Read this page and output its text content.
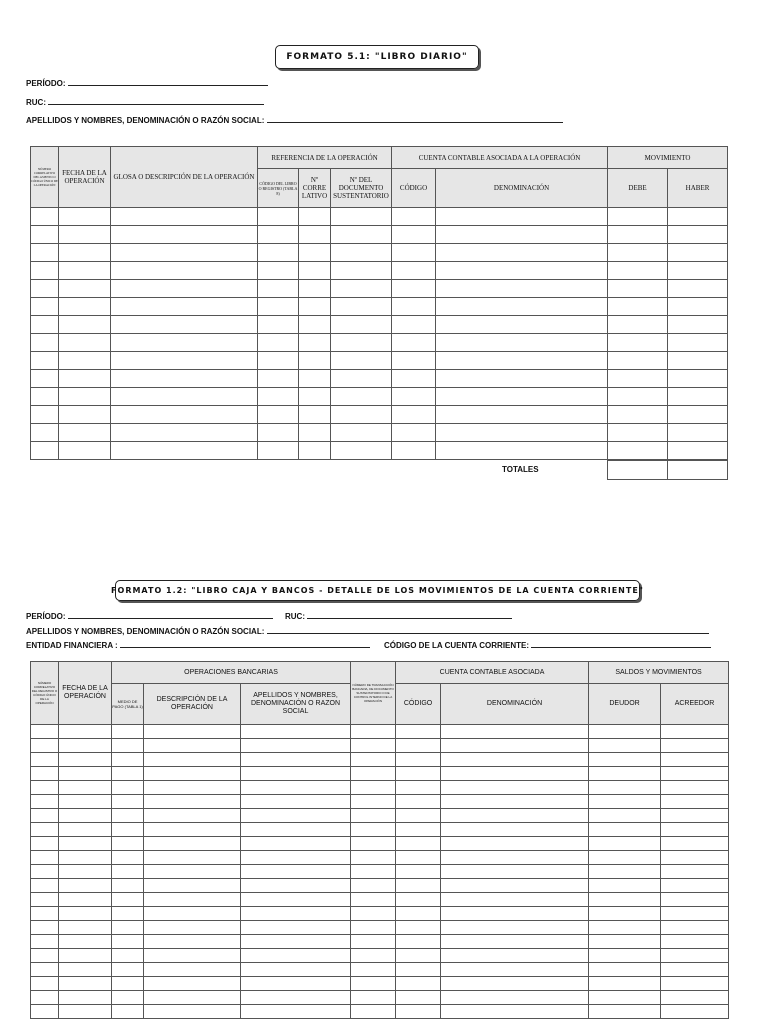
FORMATO 5.1: "LIBRO DIARIO"
PERÍODO:
RUC:
APELLIDOS Y NOMBRES, DENOMINACIÓN O RAZÓN SOCIAL:
NÚMERO CORRELATIVO DEL ASIENTO O CÓDIGO ÚNICO DE LA OPERACIÓN	FECHA DE LA OPERACIÓN	GLOSA O DESCRIPCIÓN DE LA OPERACIÓN	REFERENCIA DE LA OPERACIÓN			CUENTA CONTABLE ASOCIADA A LA OPERACIÓN		MOVIMIENTO	
			CÓDIGO DEL LIBRO O REGISTRO (TABLA 8)	Nº CORRE LATIVO	Nº DEL DOCUMENTO SUSTENTATORIO	CÓDIGO	DENOMINACIÓN	DEBE	HABER

TOTALES

FORMATO 1.2: "LIBRO CAJA Y BANCOS - DETALLE DE LOS MOVIMIENTOS DE LA CUENTA CORRIENTE"
PERÍODO:	RUC:
APELLIDOS Y NOMBRES, DENOMINACIÓN O RAZÓN SOCIAL:
ENTIDAD FINANCIERA :	CÓDIGO DE LA CUENTA CORRIENTE:
NÚMERO CORRELATIVO DEL REGISTRO O CÓDIGO ÚNICO DE LA OPERACIÓN	FECHA DE LA OPERACIÓN	OPERACIONES BANCARIAS			NÚMERO DE TRANSACCIÓN BANCARIA, DE DOCUMENTO SUSTENTATORIO O DE CONTROL INTERNO DE LA OPERACIÓN	CUENTA CONTABLE ASOCIADA		SALDOS Y MOVIMIENTOS	
		MEDIO DE PAGO (TABLA 1)	DESCRIPCIÓN DE LA OPERACIÓN	APELLIDOS Y NOMBRES, DENOMINACIÓN O RAZON SOCIAL		CÓDIGO	DENOMINACIÓN	DEUDOR	ACREEDOR
